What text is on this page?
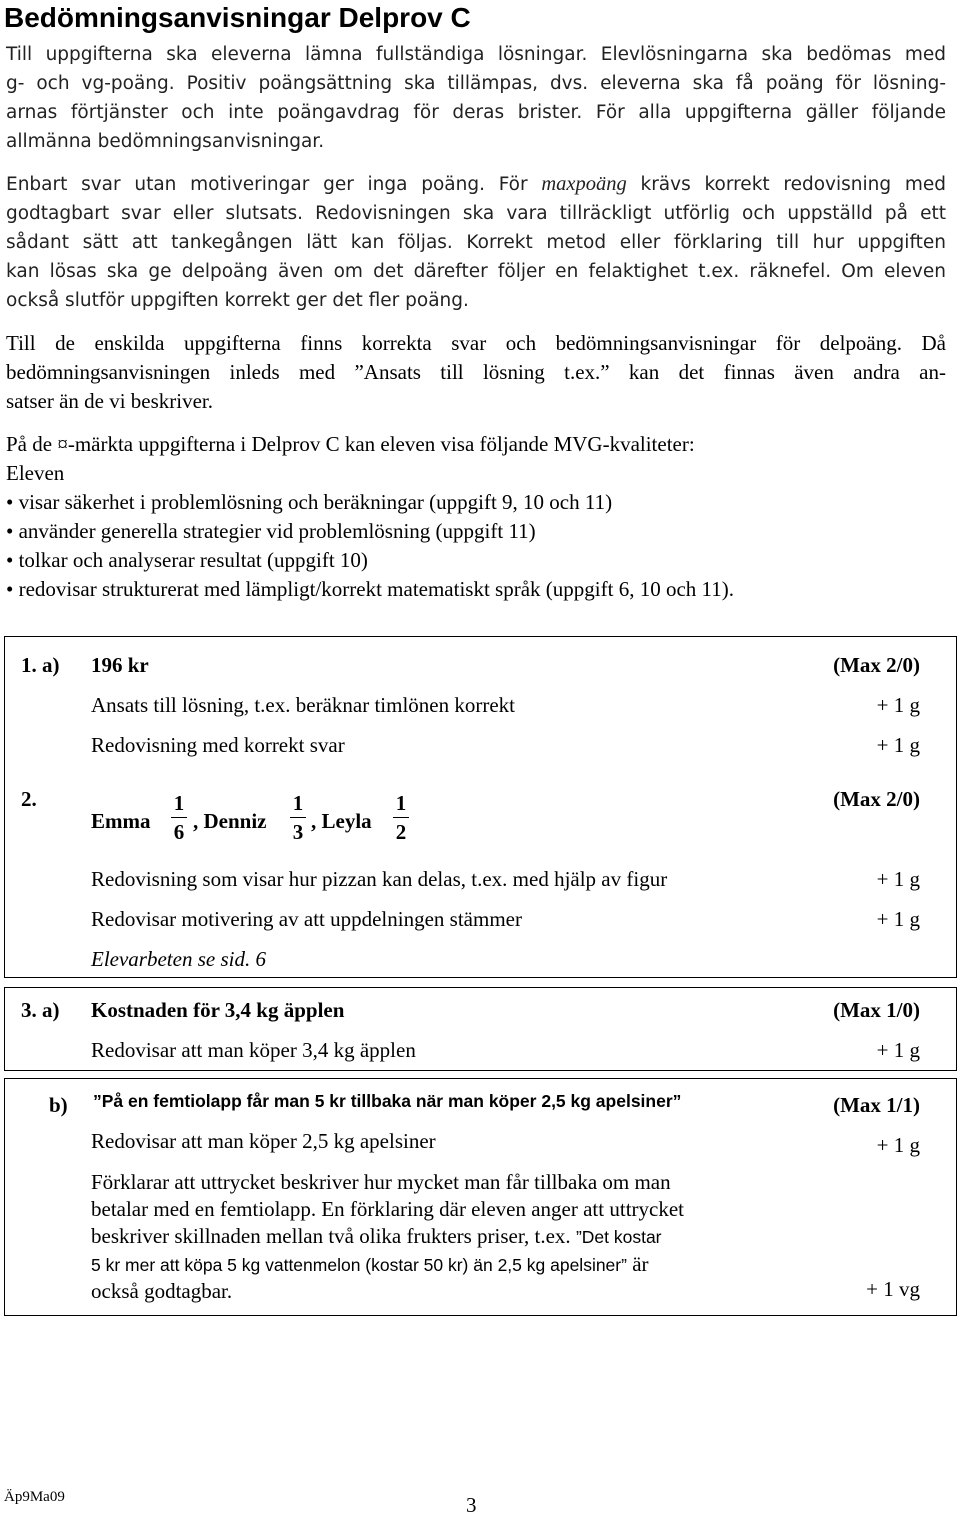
Bedömningsanvisningar Delprov C
Till uppgifterna ska eleverna lämna fullständiga lösningar. Elevlösningarna ska bedömas med
g- och vg-poäng. Positiv poängsättning ska tillämpas, dvs. eleverna ska få poäng för lösning-
arnas förtjänster och inte poängavdrag för deras brister. För alla uppgifterna gäller följande
allmänna bedömningsanvisningar.
Enbart svar utan motiveringar ger inga poäng. För maxpoäng krävs korrekt redovisning med
godtagbart svar eller slutsats. Redovisningen ska vara tillräckligt utförlig och uppställd på ett
sådant sätt att tankegången lätt kan följas. Korrekt metod eller förklaring till hur uppgiften
kan lösas ska ge delpoäng även om det därefter följer en felaktighet t.ex. räknefel. Om eleven
också slutför uppgiften korrekt ger det fler poäng.
Till de enskilda uppgifterna finns korrekta svar och bedömningsanvisningar för delpoäng. Då
bedömningsanvisningen inleds med ”Ansats till lösning t.ex.” kan det finnas även andra an-
satser än de vi beskriver.
På de ¤-märkta uppgifterna i Delprov C kan eleven visa följande MVG-kvaliteter:
Eleven
• visar säkerhet i problemlösning och beräkningar (uppgift 9, 10 och 11)
• använder generella strategier vid problemlösning (uppgift 11)
• tolkar och analyserar resultat (uppgift 10)
• redovisar strukturerat med lämpligt/korrekt matematiskt språk (uppgift 6, 10 och 11).
1. a) 196 kr	(Max 2/0)
Ansats till lösning, t.ex. beräknar timlönen korrekt	+ 1 g
Redovisning med korrekt svar	+ 1 g
2.	(Max 2/0)
Emma
1
6 , Denniz
1
3 , Leyla
1
2
Redovisning som visar hur pizzan kan delas, t.ex. med hjälp av figur	+ 1 g
Redovisar motivering av att uppdelningen stämmer	+ 1 g
Elevarbeten se sid. 6
3. a) Kostnaden för 3,4 kg äpplen	(Max 1/0)
Redovisar att man köper 3,4 kg äpplen	+ 1 g
b) ”På en femtiolapp får man 5 kr tillbaka när man köper 2,5 kg apelsiner”	(Max 1/1)
Redovisar att man köper 2,5 kg apelsiner	+ 1 g
Förklarar att uttrycket beskriver hur mycket man får tillbaka om man
betalar med en femtiolapp. En förklaring där eleven anger att uttrycket
beskriver skillnaden mellan två olika frukters priser, t.ex. ”Det kostar
5 kr mer att köpa 5 kg vattenmelon (kostar 50 kr) än 2,5 kg apelsiner” är
också godtagbar.	+ 1 vg
Äp9Ma09	3
